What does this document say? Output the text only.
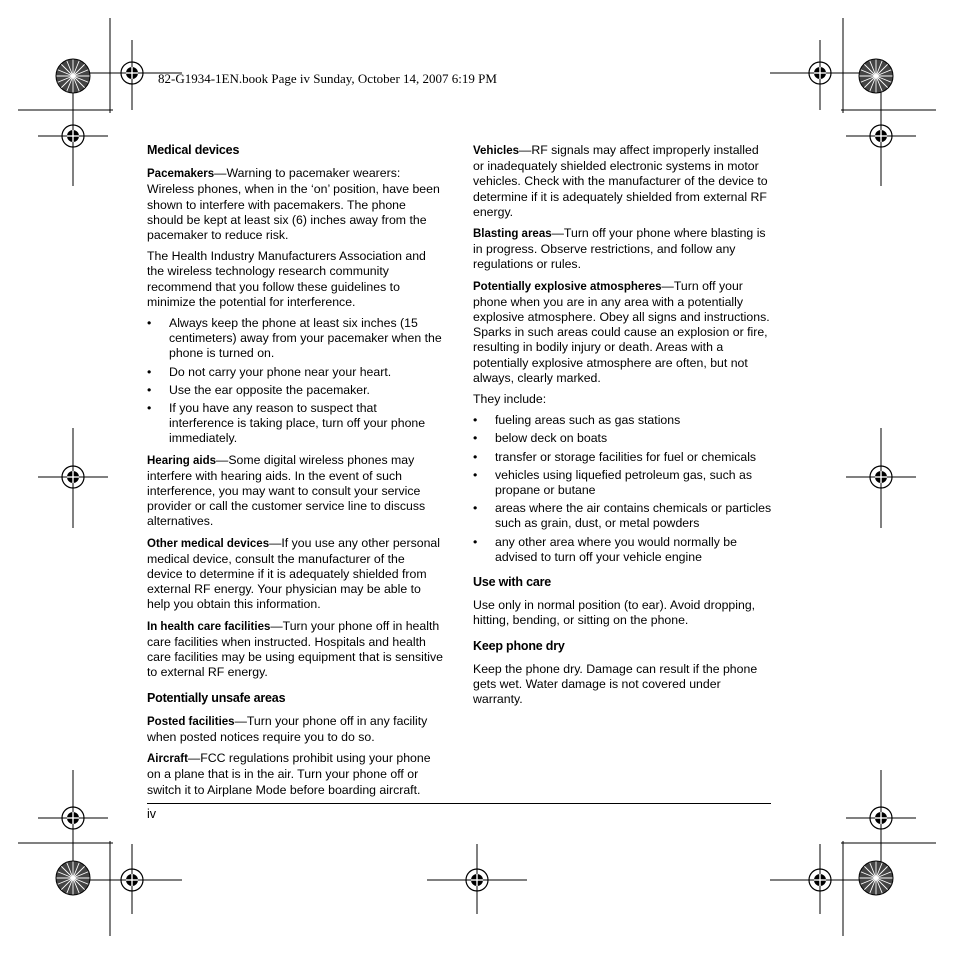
82-G1934-1EN.book Page iv Sunday, October 14, 2007 6:19 PM
Medical devices

Pacemakers—Warning to pacemaker wearers: Wireless phones, when in the ‘on’ position, have been shown to interfere with pacemakers. The phone should be kept at least six (6) inches away from the pacemaker to reduce risk.

The Health Industry Manufacturers Association and the wireless technology research community recommend that you follow these guidelines to minimize the potential for interference.

• Always keep the phone at least six inches (15 centimeters) away from your pacemaker when the phone is turned on.
• Do not carry your phone near your heart.
• Use the ear opposite the pacemaker.
• If you have any reason to suspect that interference is taking place, turn off your phone immediately.

Hearing aids—Some digital wireless phones may interfere with hearing aids. In the event of such interference, you may want to consult your service provider or call the customer service line to discuss alternatives.

Other medical devices—If you use any other personal medical device, consult the manufacturer of the device to determine if it is adequately shielded from external RF energy. Your physician may be able to help you obtain this information.

In health care facilities—Turn your phone off in health care facilities when instructed. Hospitals and health care facilities may be using equipment that is sensitive to external RF energy.

Potentially unsafe areas

Posted facilities—Turn your phone off in any facility when posted notices require you to do so.

Aircraft—FCC regulations prohibit using your phone on a plane that is in the air. Turn your phone off or switch it to Airplane Mode before boarding aircraft.

Vehicles—RF signals may affect improperly installed or inadequately shielded electronic systems in motor vehicles. Check with the manufacturer of the device to determine if it is adequately shielded from external RF energy.

Blasting areas—Turn off your phone where blasting is in progress. Observe restrictions, and follow any regulations or rules.

Potentially explosive atmospheres—Turn off your phone when you are in any area with a potentially explosive atmosphere. Obey all signs and instructions. Sparks in such areas could cause an explosion or fire, resulting in bodily injury or death. Areas with a potentially explosive atmosphere are often, but not always, clearly marked.

They include:

• fueling areas such as gas stations
• below deck on boats
• transfer or storage facilities for fuel or chemicals
• vehicles using liquefied petroleum gas, such as propane or butane
• areas where the air contains chemicals or particles such as grain, dust, or metal powders
• any other area where you would normally be advised to turn off your vehicle engine
Use with care

Use only in normal position (to ear). Avoid dropping, hitting, bending, or sitting on the phone.

Keep phone dry

Keep the phone dry. Damage can result if the phone gets wet. Water damage is not covered under warranty.

iv
